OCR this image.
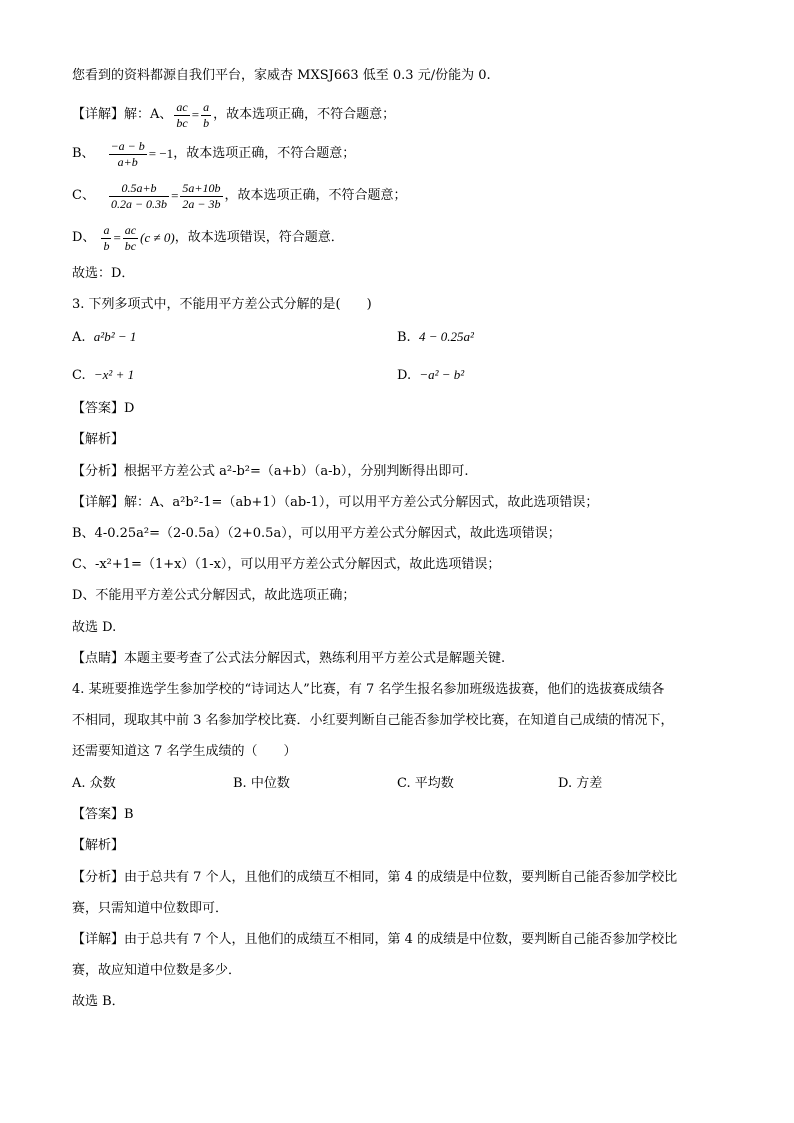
您看到的资料都源自我们平台，家威杏 MXSJ663 低至 0.3 元/份能为 0.
【详解】解：A、 $\frac{ac}{bc} = \frac{a}{b}$ ，故本选项正确，不符合题意；
B、 $\frac{-a - b}{a+b} = -1$ ，故本选项正确，不符合题意；
C、 $\frac{0.5a+b}{0.2a - 0.3b} = \frac{5a+10b}{2a - 3b}$ ，故本选项正确，不符合题意；
D、 $\frac{a}{b} = \frac{ac}{bc} (c \ne 0)$ ，故本选项错误，符合题意．
故选：D．
3. 下列多项式中，不能用平方差公式分解的是(　　)
A. a²b² − 1	B. 4 − 0.25a²
C. −x² + 1	D. −a² − b²
【答案】D
【解析】
【分析】根据平方差公式 a²-b²=（a+b）（a-b），分别判断得出即可.
【详解】解：A、a²b²-1=（ab+1）（ab-1），可以用平方差公式分解因式，故此选项错误；
B、4-0.25a²=（2-0.5a）（2+0.5a），可以用平方差公式分解因式，故此选项错误；
C、-x²+1=（1+x）（1-x），可以用平方差公式分解因式，故此选项错误；
D、不能用平方差公式分解因式，故此选项正确；
故选 D.
【点睛】本题主要考查了公式法分解因式，熟练利用平方差公式是解题关键.
4. 某班要推选学生参加学校的“诗词达人”比赛，有 7 名学生报名参加班级选拔赛，他们的选拔赛成绩各
不相同，现取其中前 3 名参加学校比赛．小红要判断自己能否参加学校比赛，在知道自己成绩的情况下，
还需要知道这 7 名学生成绩的（　　）
A. 众数	B. 中位数	C. 平均数	D. 方差
【答案】B
【解析】
【分析】由于总共有 7 个人，且他们的成绩互不相同，第 4 的成绩是中位数，要判断自己能否参加学校比
赛，只需知道中位数即可．
【详解】由于总共有 7 个人，且他们的成绩互不相同，第 4 的成绩是中位数，要判断自己能否参加学校比
赛，故应知道中位数是多少．
故选 B．
